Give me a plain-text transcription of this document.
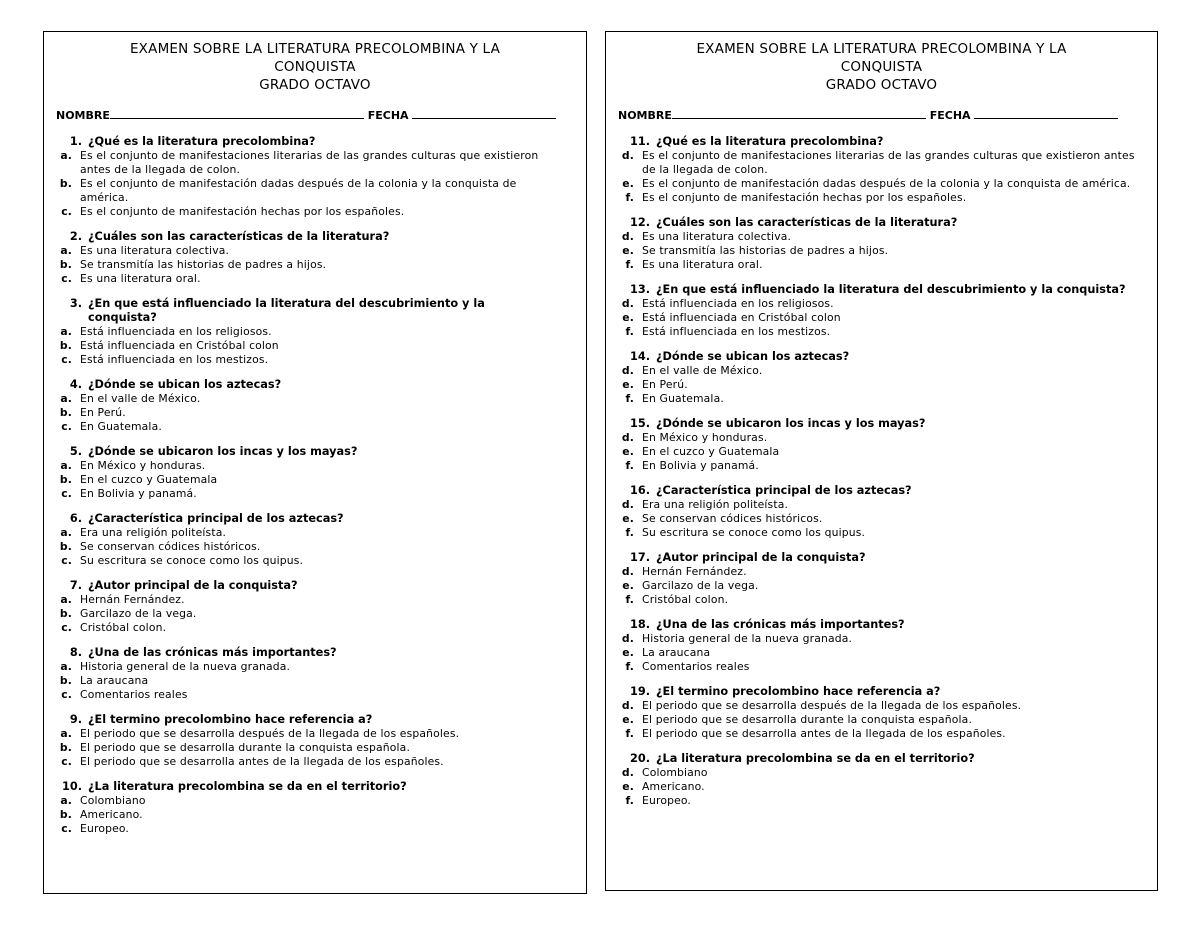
EXAMEN SOBRE LA LITERATURA PRECOLOMBINA Y LA
CONQUISTA
GRADO OCTAVO
NOMBRE	FECHA
1. ¿Qué es la literatura precolombina?
a. Es el conjunto de manifestaciones literarias de las grandes culturas que existieron antes de la llegada de colon.
b. Es el conjunto de manifestación dadas después de la colonia y la conquista de américa.
c. Es el conjunto de manifestación hechas por los españoles.
2. ¿Cuáles son las características de la literatura?
a. Es una literatura colectiva.
b. Se transmitía las historias de padres a hijos.
c. Es una literatura oral.
3. ¿En que está influenciado la literatura del descubrimiento y la conquista?
a. Está influenciada en los religiosos.
b. Está influenciada en Cristóbal colon
c. Está influenciada en los mestizos.
4. ¿Dónde se ubican los aztecas?
a. En el valle de México.
b. En Perú.
c. En Guatemala.
5. ¿Dónde se ubicaron los incas y los mayas?
a. En México y honduras.
b. En el cuzco y Guatemala
c. En Bolivia y panamá.
6. ¿Característica principal de los aztecas?
a. Era una religión politeísta.
b. Se conservan códices históricos.
c. Su escritura se conoce como los quipus.
7. ¿Autor principal de la conquista?
a. Hernán Fernández.
b. Garcilazo de la vega.
c. Cristóbal colon.
8. ¿Una de las crónicas más importantes?
a. Historia general de la nueva granada.
b. La araucana
c. Comentarios reales
9. ¿El termino precolombino hace referencia a?
a. El periodo que se desarrolla después de la llegada de los españoles.
b. El periodo que se desarrolla durante la conquista española.
c. El periodo que se desarrolla antes de la llegada de los españoles.
10. ¿La literatura precolombina se da en el territorio?
a. Colombiano
b. Americano.
c. Europeo.
EXAMEN SOBRE LA LITERATURA PRECOLOMBINA Y LA
CONQUISTA
GRADO OCTAVO
NOMBRE	FECHA
11. ¿Qué es la literatura precolombina?
d. Es el conjunto de manifestaciones literarias de las grandes culturas que existieron antes de la llegada de colon.
e. Es el conjunto de manifestación dadas después de la colonia y la conquista de américa.
f. Es el conjunto de manifestación hechas por los españoles.
12. ¿Cuáles son las características de la literatura?
d. Es una literatura colectiva.
e. Se transmitía las historias de padres a hijos.
f. Es una literatura oral.
13. ¿En que está influenciado la literatura del descubrimiento y la conquista?
d. Está influenciada en los religiosos.
e. Está influenciada en Cristóbal colon
f. Está influenciada en los mestizos.
14. ¿Dónde se ubican los aztecas?
d. En el valle de México.
e. En Perú.
f. En Guatemala.
15. ¿Dónde se ubicaron los incas y los mayas?
d. En México y honduras.
e. En el cuzco y Guatemala
f. En Bolivia y panamá.
16. ¿Característica principal de los aztecas?
d. Era una religión politeísta.
e. Se conservan códices históricos.
f. Su escritura se conoce como los quipus.
17. ¿Autor principal de la conquista?
d. Hernán Fernández.
e. Garcilazo de la vega.
f. Cristóbal colon.
18. ¿Una de las crónicas más importantes?
d. Historia general de la nueva granada.
e. La araucana
f. Comentarios reales
19. ¿El termino precolombino hace referencia a?
d. El periodo que se desarrolla después de la llegada de los españoles.
e. El periodo que se desarrolla durante la conquista española.
f. El periodo que se desarrolla antes de la llegada de los españoles.
20. ¿La literatura precolombina se da en el territorio?
d. Colombiano
e. Americano.
f. Europeo.
